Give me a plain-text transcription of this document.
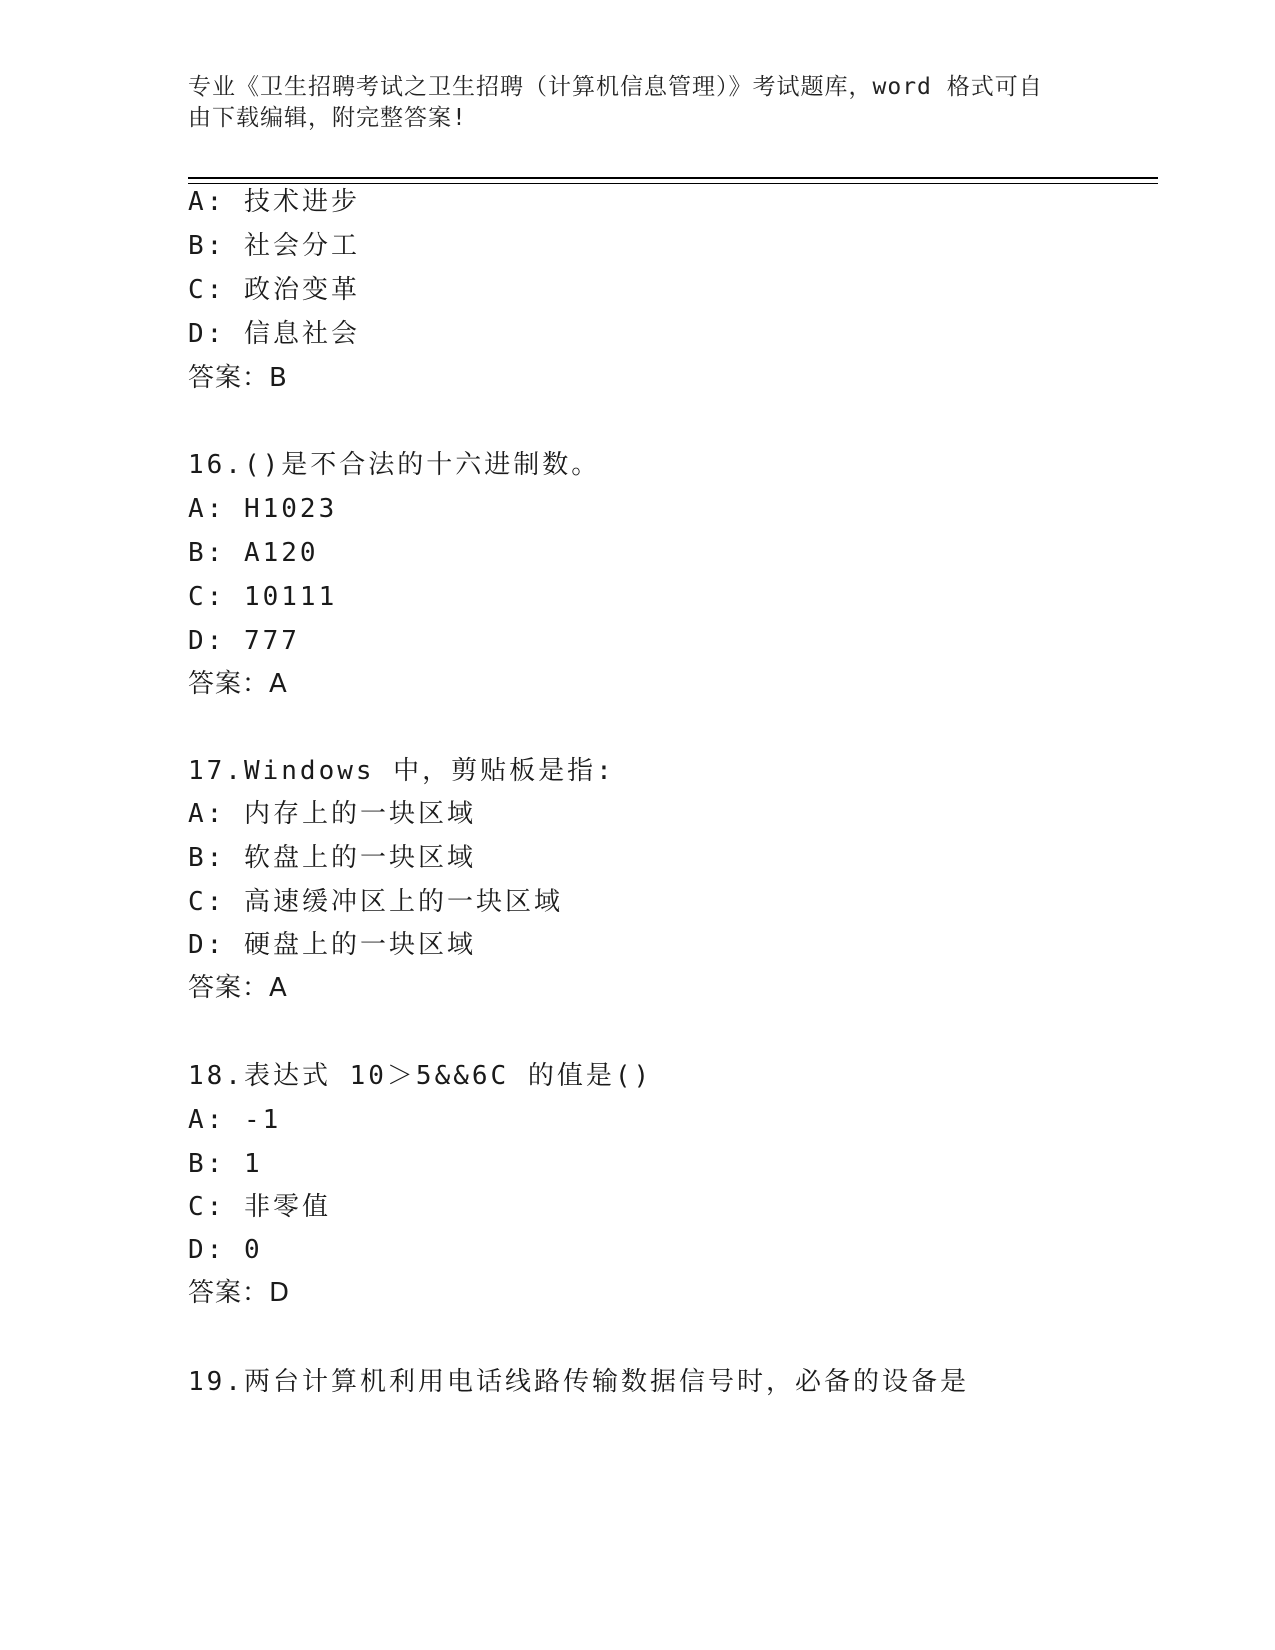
专业《卫生招聘考试之卫生招聘（计算机信息管理）》考试题库，word 格式可自
由下载编辑，附完整答案!
A: 技术进步
B: 社会分工
C: 政治变革
D: 信息社会
答案：B
16.()是不合法的十六进制数。
A: H1023
B: A120
C: 10111
D: 777
答案：A
17.Windows 中，剪贴板是指:
A: 内存上的一块区域
B: 软盘上的一块区域
C: 高速缓冲区上的一块区域
D: 硬盘上的一块区域
答案：A
18.表达式 10＞5&&6C 的值是()
A: -1
B: 1
C: 非零值
D: 0
答案：D
19.两台计算机利用电话线路传输数据信号时，必备的设备是
